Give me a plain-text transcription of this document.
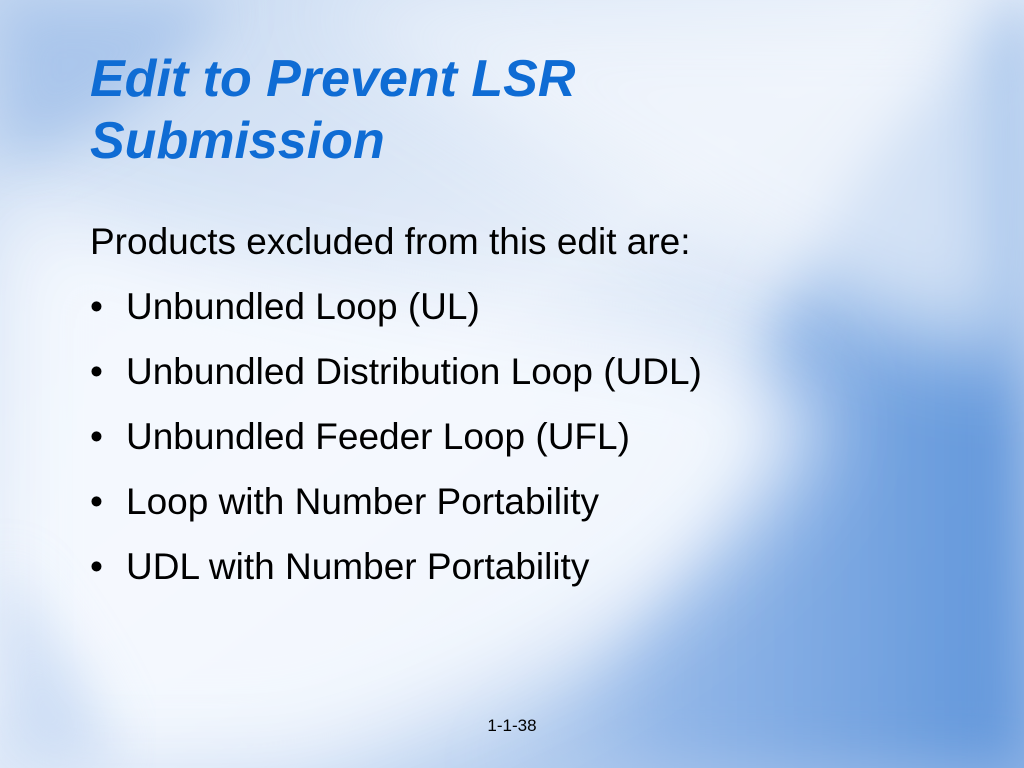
Edit to Prevent LSR
Submission
Products excluded from this edit are:
• Unbundled Loop (UL)
• Unbundled Distribution Loop (UDL)
• Unbundled Feeder Loop (UFL)
• Loop with Number Portability
• UDL with Number Portability
1-1-38
